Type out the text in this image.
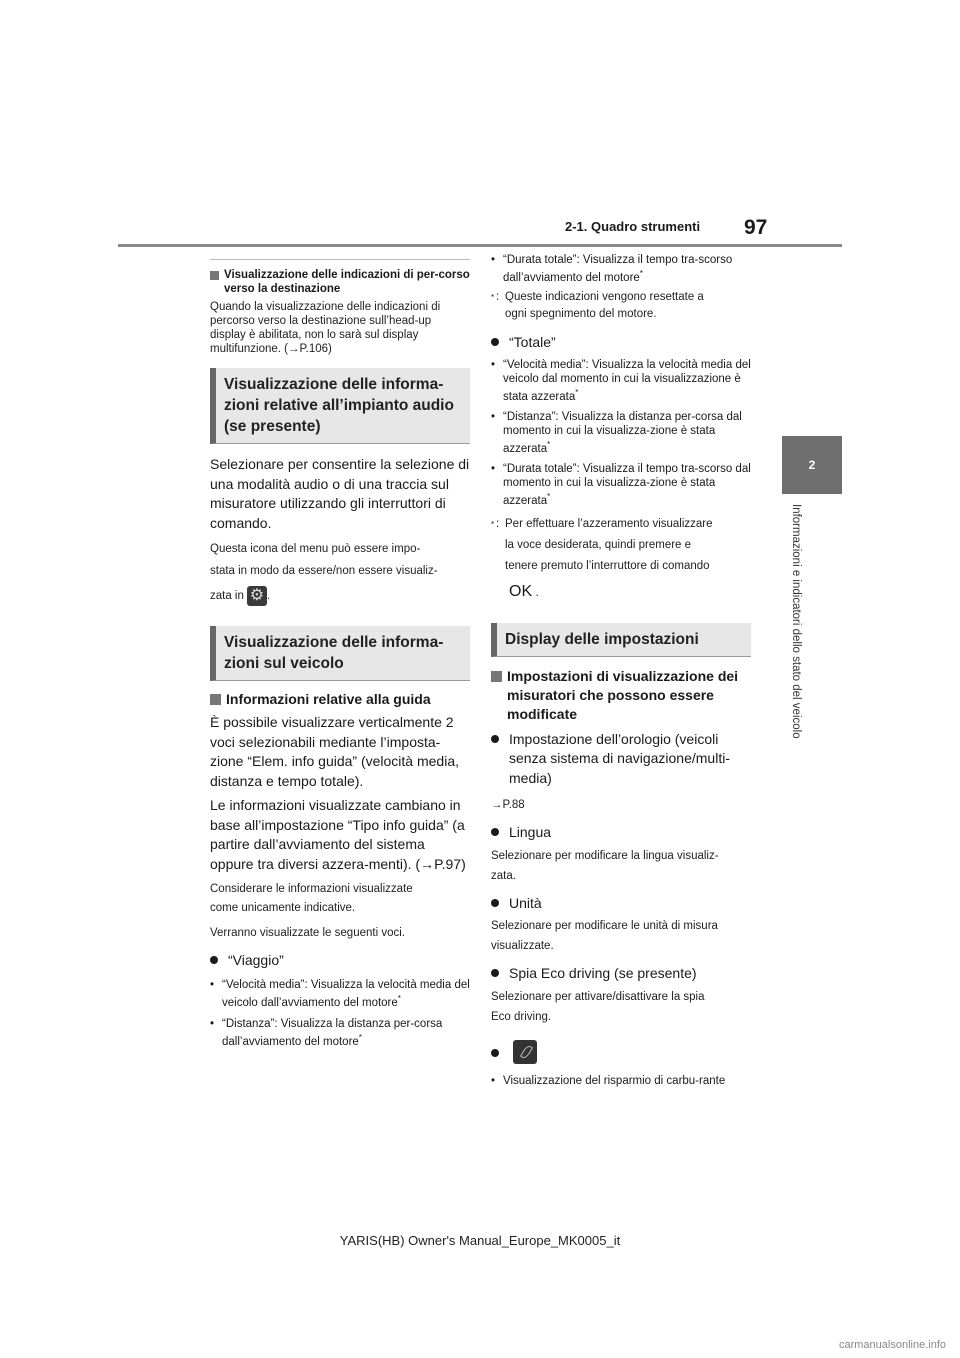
2-1. Quadro strumenti 97
2
Informazioni e indicatori dello stato del veicolo
Visualizzazione delle indicazioni di per-corso verso la destinazione

Quando la visualizzazione delle indicazioni di percorso verso la destinazione sull’head-up display è abilitata, non lo sarà sul display multifunzione. (→P.106)

Visualizzazione delle informa-zioni relative all’impianto audio (se presente)

Selezionare per consentire la selezione di una modalità audio o di una traccia sul misuratore utilizzando gli interruttori di comando.

Questa icona del menu può essere impo-

stata in modo da essere/non essere visualiz-

zata in⚙ .

Visualizzazione delle informa-zioni sul veicolo
Informazioni relative alla guida

È possibile visualizzare verticalmente 2 voci selezionabili mediante l’imposta-zione “Elem. info guida” (velocità media, distanza e tempo totale).

Le informazioni visualizzate cambiano in base all’impostazione “Tipo info guida” (a partire dall’avviamento del sistema oppure tra diversi azzera-menti). (→P.97)

Considerare le informazioni visualizzate

come unicamente indicative.

Verranno visualizzate le seguenti voci.

“Viaggio”
• “Velocità media”: Visualizza la velocità media del veicolo dall’avviamento del motore*
• “Distanza”: Visualizza la distanza per-corsa dall’avviamento del motore*
• “Durata totale”: Visualizza il tempo tra-scorso dall’avviamento del motore*
* : Queste indicazioni vengono resettate a
ogni spegnimento del motore.
“Totale”
• “Velocità media”: Visualizza la velocità media del veicolo dal momento in cui la visualizzazione è stata azzerata*
• “Distanza”: Visualizza la distanza per-corsa dal momento in cui la visualizza-zione è stata azzerata*
• “Durata totale”: Visualizza il tempo tra-scorso dal momento in cui la visualizza-zione è stata azzerata*
* : Per effettuare l’azzeramento visualizzare
la voce desiderata, quindi premere e
tenere premuto l’interruttore di comando
OK .
Display delle impostazioni
Impostazioni di visualizzazione dei misuratori che possono essere modificate
Impostazione dell’orologio (veicoli senza sistema di navigazione/multi-media)

→P.88

Lingua

Selezionare per modificare la lingua visualiz-

zata.

Unità

Selezionare per modificare le unità di misura

visualizzate.

Spia Eco driving (se presente)

Selezionare per attivare/disattivare la spia

Eco driving.

• Visualizzazione del risparmio di carbu-rante
YARIS(HB) Owner's Manual_Europe_MK0005_it
carmanualsonline.info
